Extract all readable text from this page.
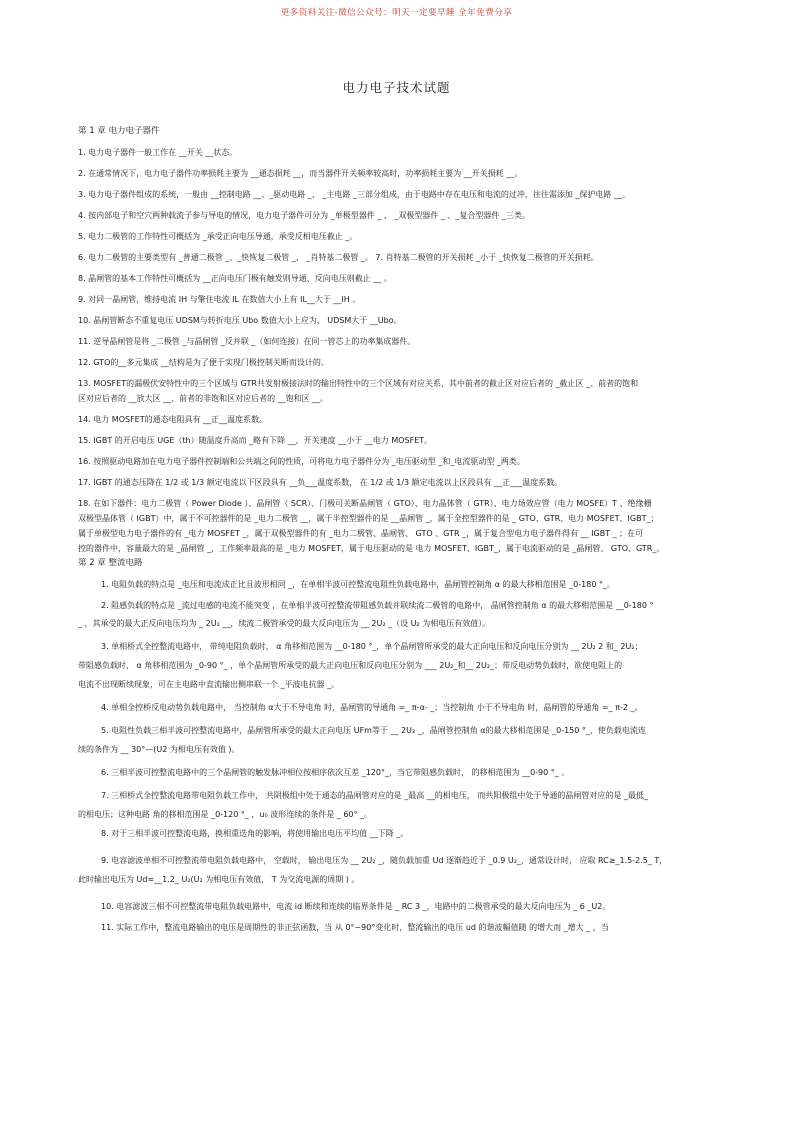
更多资料关注-微信公众号：明天一定要早睡 全年免费分享
电力电子技术试题
第 1 章 电力电子器件
1. 电力电子器件一般工作在 __开关 __状态。
2. 在通常情况下，电力电子器件功率损耗主要为 __通态损耗 __，而当器件开关频率较高时，功率损耗主要为 __开关损耗 __。
3. 电力电子器件组成的系统，一般由 __控制电路 __、_驱动电路 _、 _主电路 _三部分组成，由于电路中存在电压和电流的过冲，往往需添加 _保护电路 __。
4. 按内部电子和空穴两种载流子参与导电的情况，电力电子器件可分为 _单极型器件 _ 、 _双极型器件 _ 、_复合型器件 _三类。
5. 电力二极管的工作特性可概括为 _承受正向电压导通，承受反相电压截止 _。
6. 电力二极管的主要类型有 _普通二极管 _、_快恢复二极管 _、 _肖特基二极管 _。 7. 肖特基二极管的开关损耗 _小于 _快恢复二极管的开关损耗。
8. 晶闸管的基本工作特性可概括为 __正向电压门极有触发则导通、反向电压则截止 __ 。
9. 对同一晶闸管，维持电流 IH 与擎住电流 IL 在数值大小上有 IL__大于 __IH 。
10. 晶闸管断态不重复电压 UDSM与转折电压 Ubo 数值大小上应为， UDSM大于 __Ubo。
11. 逆导晶闸管是将 _二极管 _与晶闸管 _反并联 _（如何连接）在同一管芯上的功率集成器件。
12. GTO的__多元集成 __结构是为了便于实现门极控制关断而设计的。
13. MOSFET的漏极伏安特性中的三个区域与 GTR共发射极接法时的输出特性中的三个区域有对应关系，其中前者的截止区对应后者的 _截止区 _、前者的饱和
区对应后者的 __放大区 __、前者的非饱和区对应后者的 __饱和区 __。
14. 电力 MOSFET的通态电阻具有 __正__温度系数。
15. IGBT 的开启电压 UGE（th）随温度升高而 _略有下降 __，开关速度 __小于 __电力 MOSFET。
16. 按照驱动电路加在电力电子器件控制端和公共端之间的性质，可将电力电子器件分为 _电压驱动型 _和_电流驱动型 _两类。
17. IGBT 的通态压降在 1/2 或 1/3 额定电流以下区段具有 __负___温度系数， 在 1/2 或 1/3 额定电流以上区段具有 __正___温度系数。
18. 在如下器件：电力二极管（ Power Diode ）、晶闸管（ SCR）、门极可关断晶闸管（ GTO）、电力晶体管（ GTR）、电力场效应管（电力 MOSFE）T 、绝缘栅
双极型晶体管（ IGBT）中，属于不可控器件的是 _电力二极管 __，属于半控型器件的是 __晶闸管 _，属于全控型器件的是 _ GTO、GTR、电力 MOSFET、IGBT_；
属于单极型电力电子器件的有 _电力 MOSFET _，属于双极型器件的有 _电力二极管、晶闸管、 GTO 、GTR _，属于复合型电力电子器件得有 __ IGBT _ ；在可
控的器件中，容量最大的是 _晶闸管 _，工作频率最高的是 _电力 MOSFET，属于电压驱动的是 电力 MOSFET、IGBT_，属于电流驱动的是 _晶闸管、 GTO、GTR_。
第 2 章 整流电路
1. 电阻负载的特点是 _电压和电流成正比且波形相同 _，在单相半波可控整流电阻性负载电路中，晶闸管控制角 α 的最大移相范围是 _0-180 °_。
2. 阻感负载的特点是 _流过电感的电流不能突变 ，在单相半波可控整流带阻感负载并联续流二极管的电路中， 晶闸管控制角 α 的最大移相范围是 __0-180 °
_ ，其承受的最大正反向电压均为 _ 2U₂ __，续流二极管承受的最大反向电压为 __ 2U₂ _（设 U₂ 为相电压有效值）。
3. 单相桥式全控整流电路中， 带纯电阻负载时， α 角移相范围为 __0-180 °_，单个晶闸管所承受的最大正向电压和反向电压分别为 __ 2U₂ 2 和_ 2U₂；
带阻感负载时， α 角移相范围为 _0-90 °_ ，单个晶闸管所承受的最大正向电压和反向电压分别为 ___ 2U₂_和__ 2U₂_；带反电动势负载时，欲使电阻上的
电流不出现断续现象，可在主电路中直流输出侧串联一个 _平波电抗器 _。
4. 单相全控桥反电动势负载电路中， 当控制角 α大于不导电角 时，晶闸管的导通角 =_ π-α- _；当控制角 小于不导电角 时，晶闸管的导通角 =_ π-2 _。
5. 电阻性负载三相半波可控整流电路中，晶闸管所承受的最大正向电压 UFm等于 __ 2U₂ _，晶闸管控制角 α的最大移相范围是 _0-150 °_，使负载电流连
续的条件为 __ 30°—(U2 为相电压有效值 )。
6. 三相半波可控整流电路中的三个晶闸管的触发脉冲相位按相序依次互差 _120°_，当它带阻感负载时， 的移相范围为 __0-90 °_ 。
7. 三相桥式全控整流电路带电阻负载工作中， 共阴极组中处于通态的晶闸管对应的是 _最高 __的相电压， 而共阳极组中处于导通的晶闸管对应的是 _最低_
的相电压；这种电路 角的移相范围是 _0-120 °_ ，u₀ 波形连续的条件是 _ 60° _。
8. 对于三相半波可控整流电路，换相重迭角的影响，将使用输出电压平均值 __下降 _。
9. 电容滤波单相不可控整流带电阻负载电路中， 空载时， 输出电压为 __ 2U₂ _，随负载加重 Ud 逐渐趋近于 _0.9 U₂_，通常设计时， 应取 RC≥_1.5-2.5_ T，
此时输出电压为 Ud≈__1.2_ U₂(U₂ 为相电压有效值， T 为交流电源的周期 ) 。
10. 电容滤波三相不可控整流带电阻负载电路中，电流 id 断续和连续的临界条件是 _ RC 3 _，电路中的二极管承受的最大反向电压为 _ 6 _U2。
11. 实际工作中，整流电路输出的电压是周期性的非正弦函数，当 从 0°~90°变化时，整流输出的电压 ud 的谐波幅值随 的增大而 _增大 _ ，当
